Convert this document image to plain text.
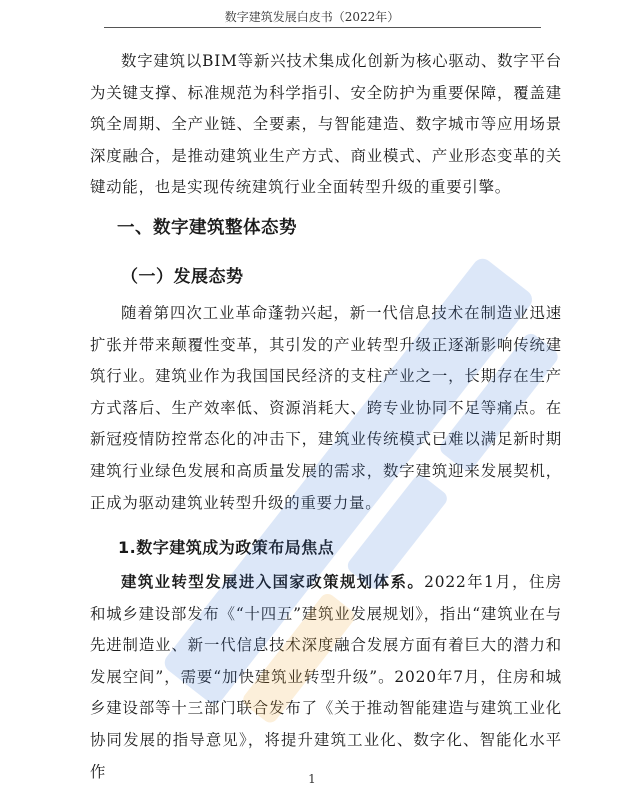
数字建筑发展白皮书（2022年）

数字建筑以BIM等新兴技术集成化创新为核心驱动、数字平台为关键支撑、标准规范为科学指引、安全防护为重要保障，覆盖建筑全周期、全产业链、全要素，与智能建造、数字城市等应用场景深度融合，是推动建筑业生产方式、商业模式、产业形态变革的关键动能，也是实现传统建筑行业全面转型升级的重要引擎。

一、数字建筑整体态势
（一）发展态势

随着第四次工业革命蓬勃兴起，新一代信息技术在制造业迅速扩张并带来颠覆性变革，其引发的产业转型升级正逐渐影响传统建筑行业。建筑业作为我国国民经济的支柱产业之一，长期存在生产方式落后、生产效率低、资源消耗大、跨专业协同不足等痛点。在新冠疫情防控常态化的冲击下，建筑业传统模式已难以满足新时期建筑行业绿色发展和高质量发展的需求，数字建筑迎来发展契机，正成为驱动建筑业转型升级的重要力量。

1.数字建筑成为政策布局焦点

建筑业转型发展进入国家政策规划体系。2022年1月，住房和城乡建设部发布《“十四五”建筑业发展规划》，指出“建筑业在与先进制造业、新一代信息技术深度融合发展方面有着巨大的潜力和发展空间”，需要“加快建筑业转型升级”。2020年7月，住房和城乡建设部等十三部门联合发布了《关于推动智能建造与建筑工业化协同发展的指导意见》，将提升建筑工业化、数字化、智能化水平作	1
